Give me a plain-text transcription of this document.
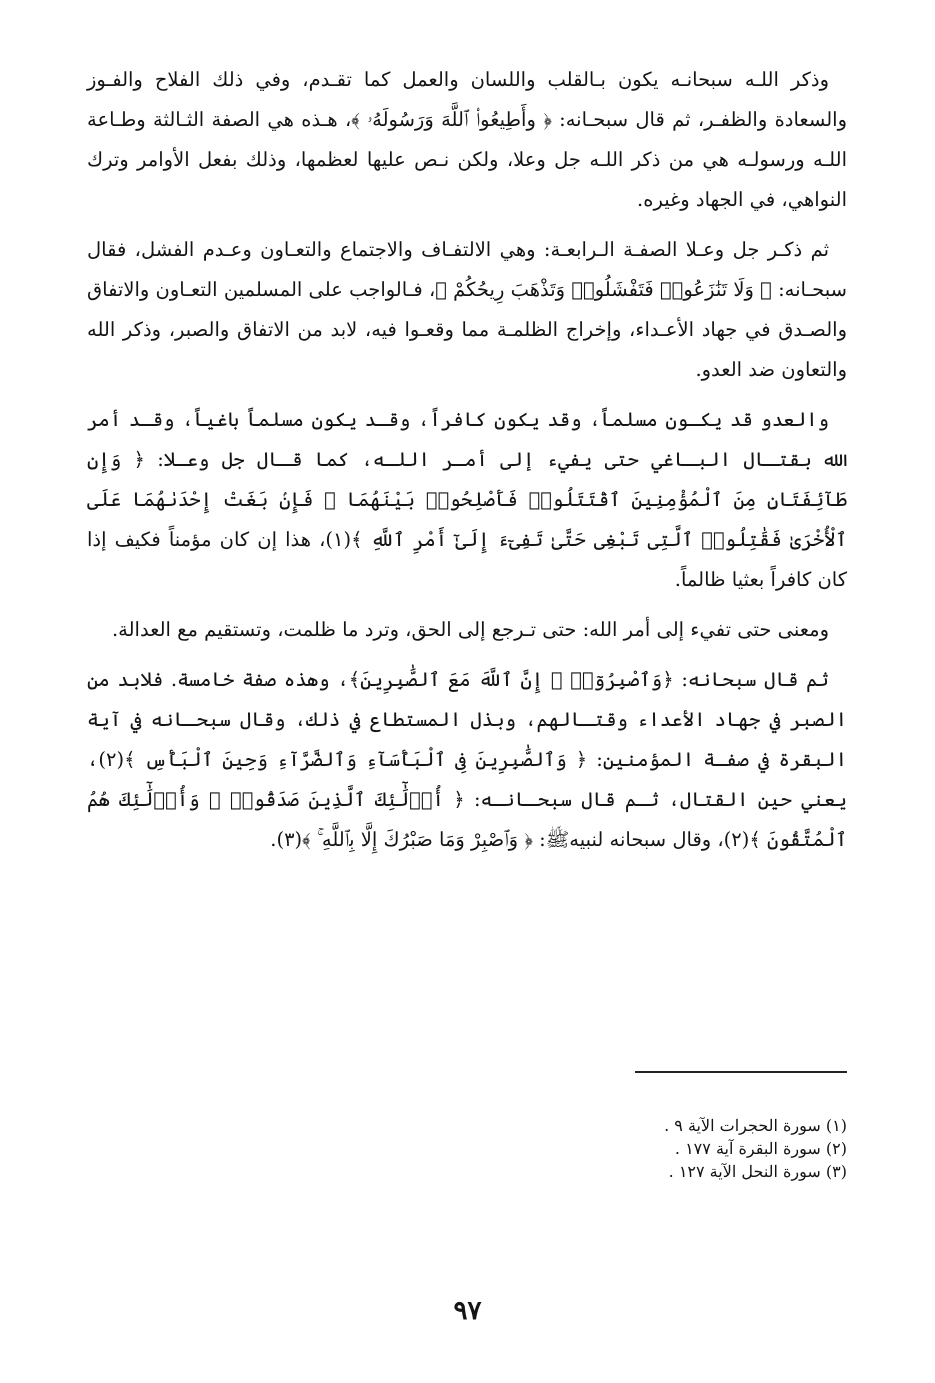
وذكر اللـه سبحانـه يكون بـالقلب واللسان والعمل كما تقـدم، وفي ذلك الفلاح والفـوز والسعادة والظفـر، ثم قال سبحـانه: ﴿ وأَطِيعُوا۟ ٱللَّهَ وَرَسُولَهُۥ ﴾، هـذه هي الصفة الثـالثة وطـاعة اللـه ورسولـه هي من ذكر اللـه جل وعلا، ولكن نـص عليها لعظمها، وذلك بفعل الأوامر وترك النواهي، في الجهاد وغيره.

ثم ذكـر جل وعـلا الصفـة الـرابعـة: وهي الالتفـاف والاجتماع والتعـاون وعـدم الفشل، فقال سبحـانه: ﴿ وَلَا تَنَٰزَعُوا۟ فَتَفْشَلُوا۟ وَتَذْهَبَ رِيحُكُمْ ﴾، فـالواجب على المسلمين التعـاون والاتفاق والصـدق في جهاد الأعـداء، وإخراج الظلمـة مما وقعـوا فيه، لابد من الاتفاق والصبر، وذكر الله والتعاون ضد العدو.

والعدو قد يكـون مسلماً، وقد يكون كافراً، وقـد يكون مسلماً باغياً، وقـد أمر الله بقتـال البـاغي حتى يفيء إلى أمـر اللـه، كما قـال جل وعـلا: ﴿ وَإِن طَآئِفَتَانِ مِنَ ٱلْمُؤْمِنِينَ ٱقْتَتَلُوا۟ فَأَصْلِحُوا۟ بَيْنَهُمَا ۖ فَإِنۢ بَغَتْ إِحْدَىٰهُمَا عَلَى ٱلْأُخْرَىٰ فَقَٰتِلُوا۟ ٱلَّتِى تَبْغِى حَتَّىٰ تَفِىٓءَ إِلَىٰٓ أَمْرِ ٱللَّهِ ﴾(١)، هذا إن كان مؤمناً فكيف إذا كان كافراً بعثيا ظالماً.

ومعنى حتى تفيء إلى أمر الله: حتى تـرجع إلى الحق، وترد ما ظلمت، وتستقيم مع العدالة.

ثم قال سبحانه: ﴿وَٱصْبِرُوٓا۟ ۚ إِنَّ ٱللَّهَ مَعَ ٱلصَّٰبِرِينَ﴾، وهذه صفة خامسة. فلابد من الصبر في جهاد الأعداء وقتـالهم، وبذل المستطاع في ذلك، وقال سبحـانه في آية البقرة في صفـة المؤمنين: ﴿ وَٱلصَّٰبِرِينَ فِى ٱلْبَأْسَآءِ وَٱلضَّرَّآءِ وَحِينَ ٱلْبَأْسِ ﴾(٢)، يعني حين القتال، ثـم قال سبحـانـه: ﴿ أُو۟لَٰٓئِكَ ٱلَّذِينَ صَدَقُوا۟ ۖ وَأُو۟لَٰٓئِكَ هُمُ ٱلْمُتَّقُونَ ﴾(٢)، وقال سبحانه لنبيهﷺ: ﴿ وَٱصْبِرْ وَمَا صَبْرُكَ إِلَّا بِٱللَّهِ ۚ ﴾(٣).

(١) سورة الحجرات الآية ٩ .

(٢) سورة البقرة آية ١٧٧ .

(٣) سورة النحل الآية ١٢٧ .

٩٧
